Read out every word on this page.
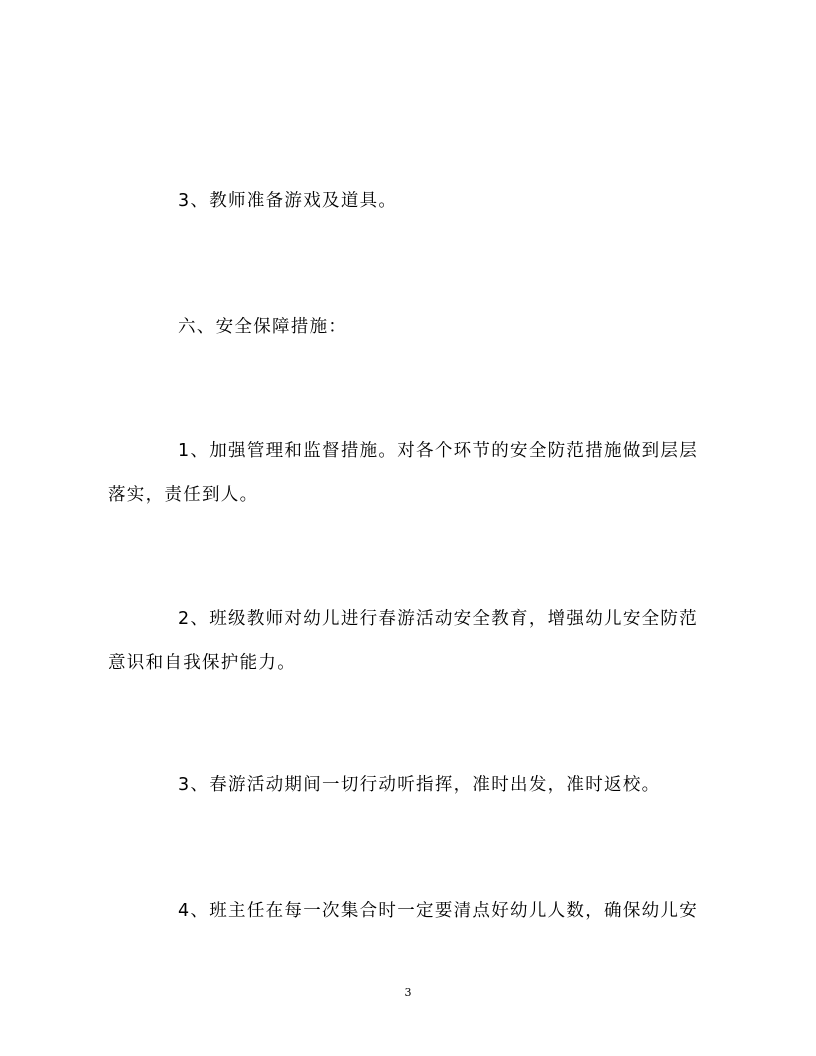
3、教师准备游戏及道具。

六、安全保障措施：

1、加强管理和监督措施。对各个环节的安全防范措施做到层层落实，责任到人。

2、班级教师对幼儿进行春游活动安全教育，增强幼儿安全防范意识和自我保护能力。

3、春游活动期间一切行动听指挥，准时出发，准时返校。

4、班主任在每一次集合时一定要清点好幼儿人数，确保幼儿安

3
